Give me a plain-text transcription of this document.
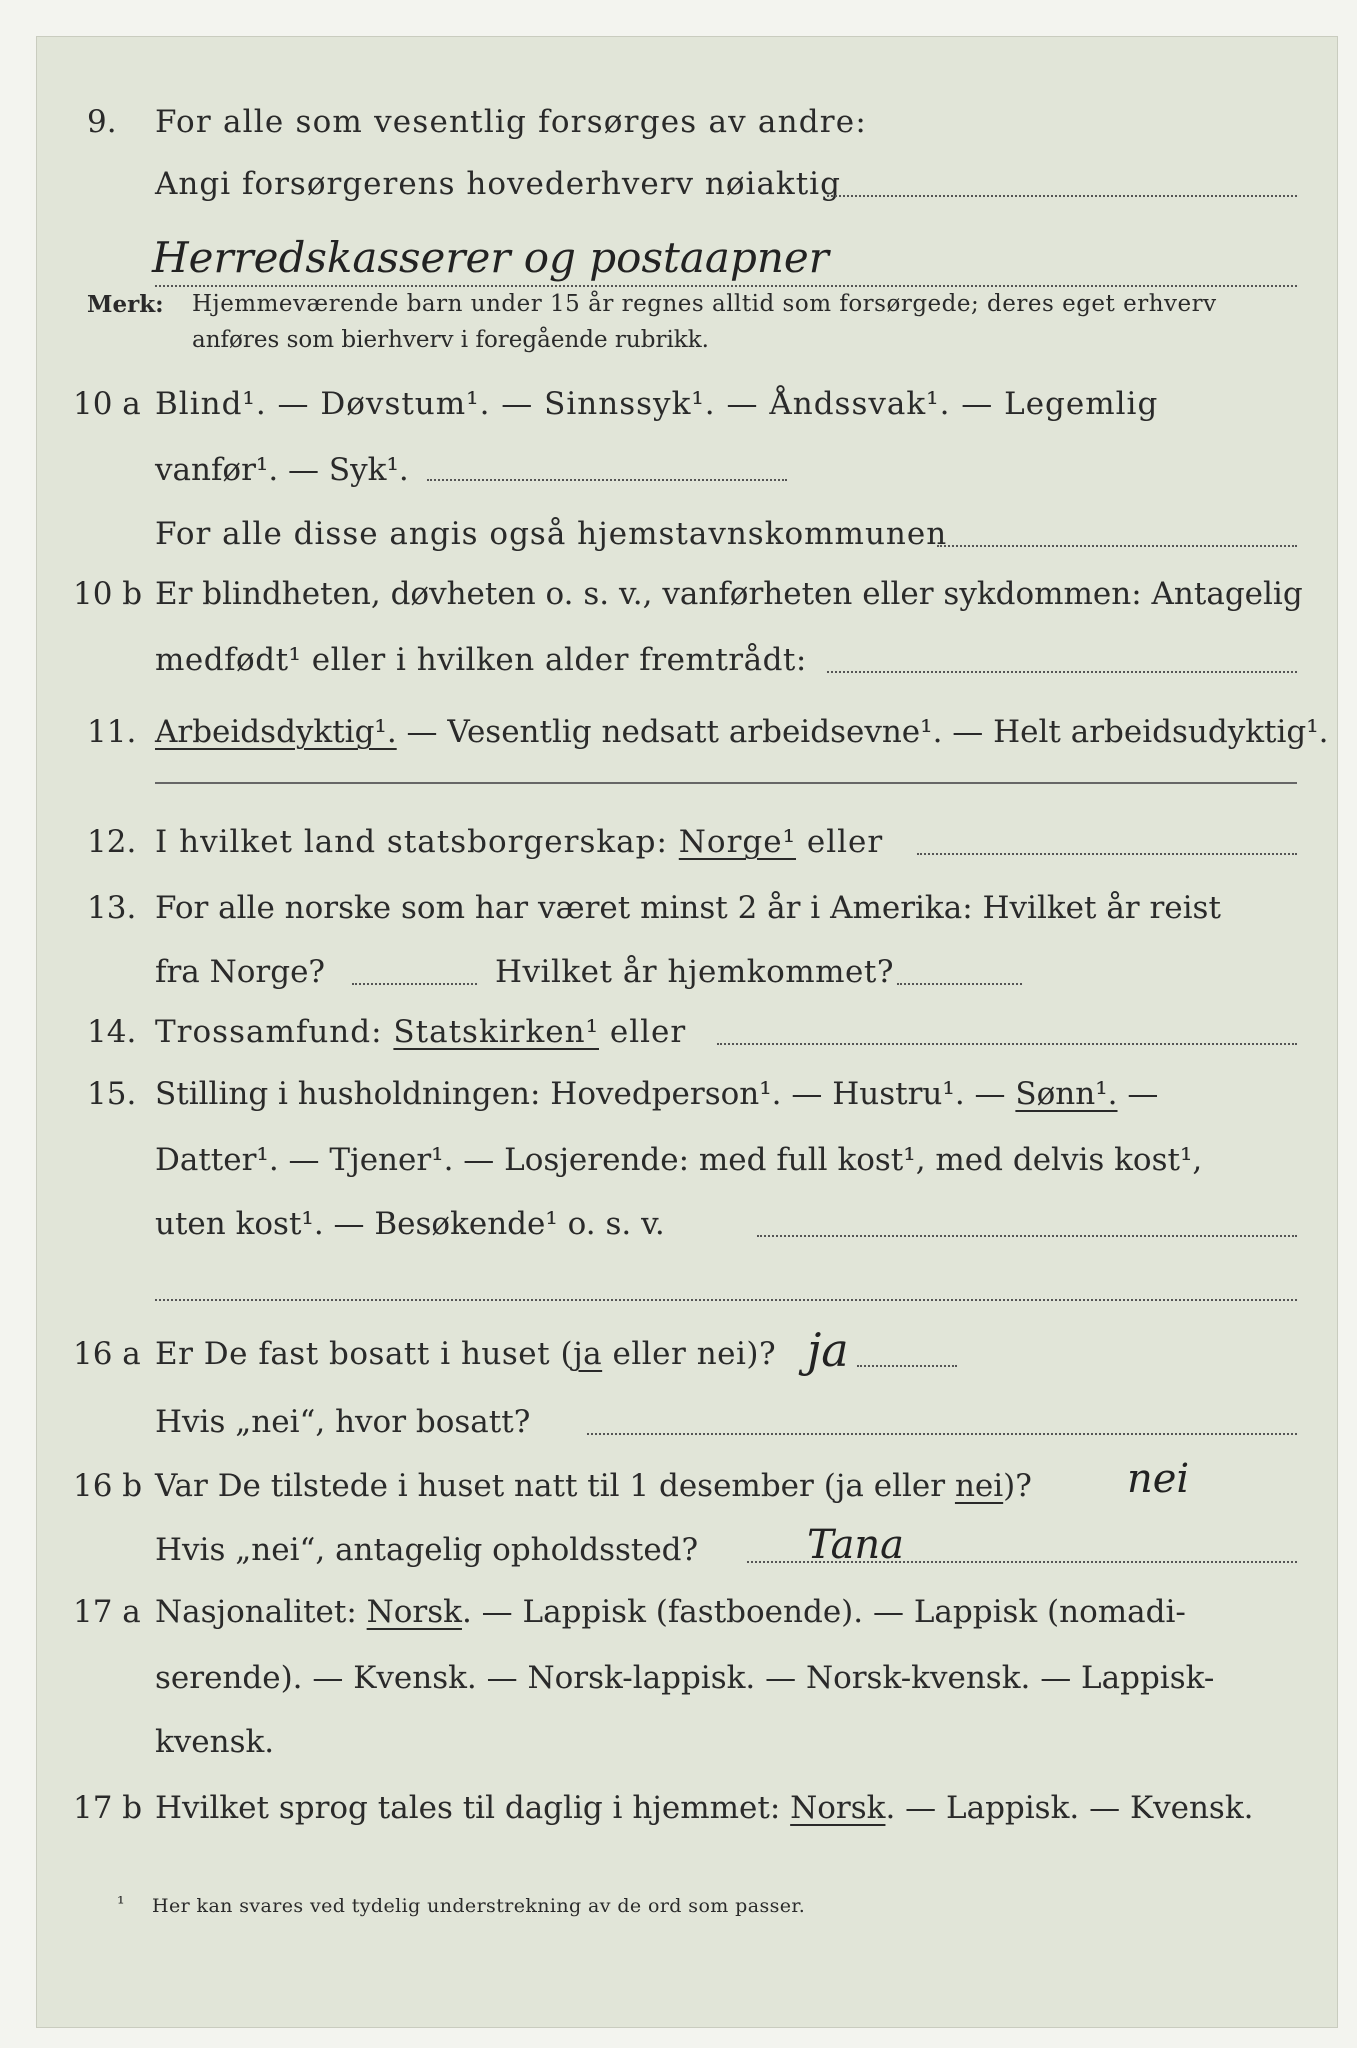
9. For alle som vesentlig forsørges av andre:
Angi forsørgerens hovederhverv nøiaktig
Herredskasserer og postaapner
Merk: Hjemmeværende barn under 15 år regnes alltid som forsørgede; deres eget erhverv
anføres som bierhverv i foregående rubrikk.
10 a Blind¹. — Døvstum¹. — Sinnssyk¹. — Åndssvak¹. — Legemlig
vanfør¹. — Syk¹.
For alle disse angis også hjemstavnskommunen
10 b Er blindheten, døvheten o. s. v., vanførheten eller sykdommen: Antagelig
medfødt¹ eller i hvilken alder fremtrådt:
11. Arbeidsdyktig¹. — Vesentlig nedsatt arbeidsevne¹. — Helt arbeidsudyktig¹.
12. I hvilket land statsborgerskap: Norge¹ eller
13. For alle norske som har været minst 2 år i Amerika: Hvilket år reist
fra Norge?	Hvilket år hjemkommet?
14. Trossamfund: Statskirken¹ eller
15. Stilling i husholdningen: Hovedperson¹. — Hustru¹. — Sønn¹. —
Datter¹. — Tjener¹. — Losjerende: med full kost¹, med delvis kost¹,
uten kost¹. — Besøkende¹ o. s. v.
16 a Er De fast bosatt i huset (ja eller nei)? ja
Hvis „nei“, hvor bosatt?
16 b Var De tilstede i huset natt til 1 desember (ja eller nei)? nei
Hvis „nei“, antagelig opholdssted?	Tana
17 a Nasjonalitet: Norsk. — Lappisk (fastboende). — Lappisk (nomadi-
serende). — Kvensk. — Norsk-lappisk. — Norsk-kvensk. — Lappisk-
kvensk.
17 b Hvilket sprog tales til daglig i hjemmet: Norsk. — Lappisk. — Kvensk.
¹ Her kan svares ved tydelig understrekning av de ord som passer.
